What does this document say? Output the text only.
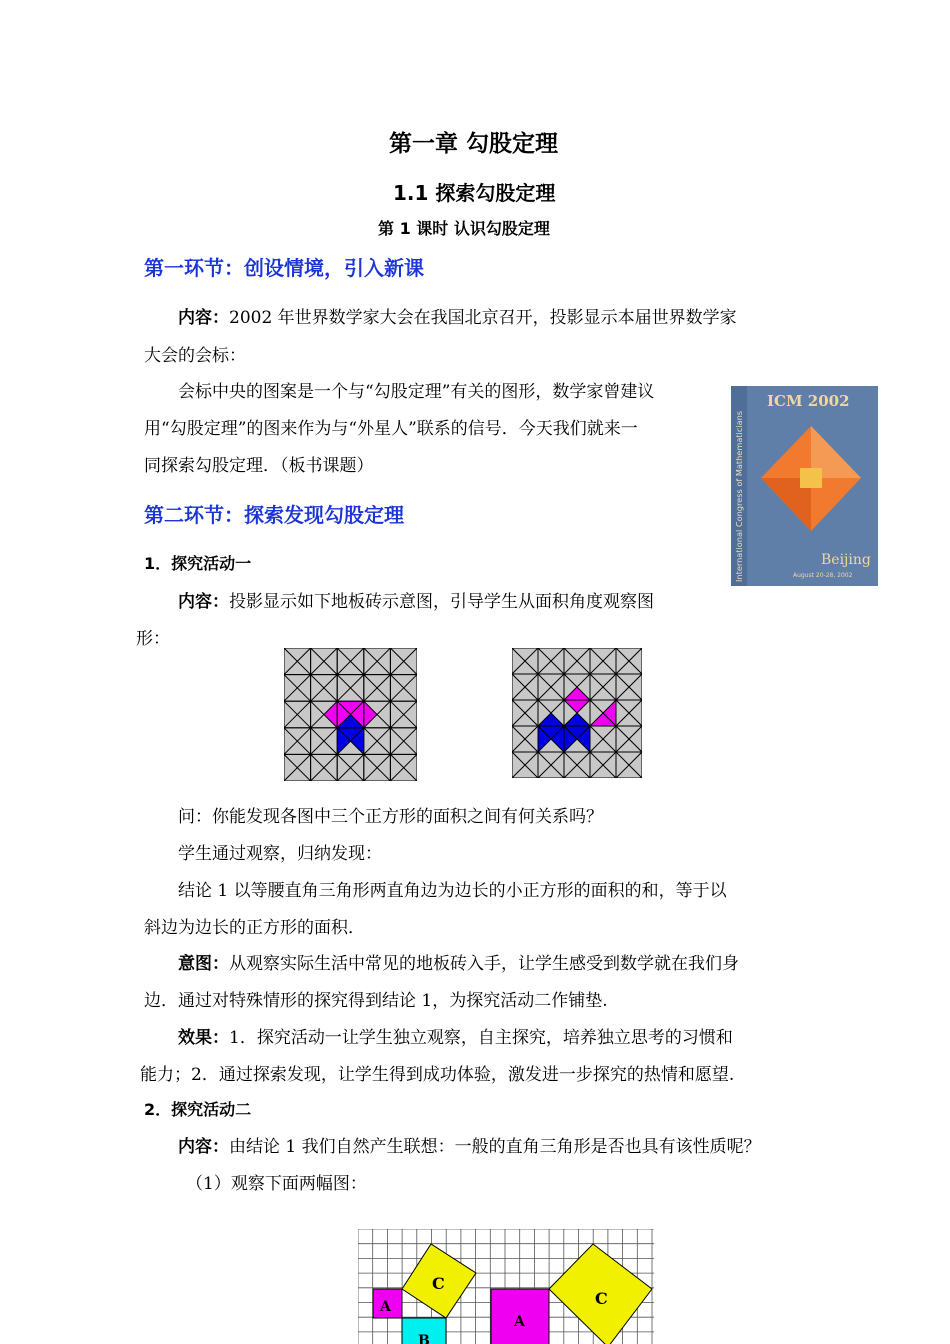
第一章 勾股定理
1.1 探索勾股定理
第 1 课时 认识勾股定理
第一环节：创设情境，引入新课
内容：2002 年世界数学家大会在我国北京召开，投影显示本届世界数学家
大会的会标：
会标中央的图案是一个与“勾股定理”有关的图形，数学家曾建议
用“勾股定理”的图来作为与“外星人”联系的信号．今天我们就来一
同探索勾股定理．（板书课题）
ICM 2002
Beijing
August 20-28, 2002
International Congress of Mathematicians
第二环节：探索发现勾股定理
1．探究活动一
内容：投影显示如下地板砖示意图，引导学生从面积角度观察图
形：
问：你能发现各图中三个正方形的面积之间有何关系吗？
学生通过观察，归纳发现：
结论 1 以等腰直角三角形两直角边为边长的小正方形的面积的和，等于以
斜边为边长的正方形的面积．
意图：从观察实际生活中常见的地板砖入手，让学生感受到数学就在我们身
边．通过对特殊情形的探究得到结论 1，为探究活动二作铺垫.
效果：1．探究活动一让学生独立观察，自主探究，培养独立思考的习惯和
能力；2．通过探索发现，让学生得到成功体验，激发进一步探究的热情和愿望.
2．探究活动二
内容：由结论 1 我们自然产生联想：一般的直角三角形是否也具有该性质呢？
（1）观察下面两幅图：
A
B
C
A
C
